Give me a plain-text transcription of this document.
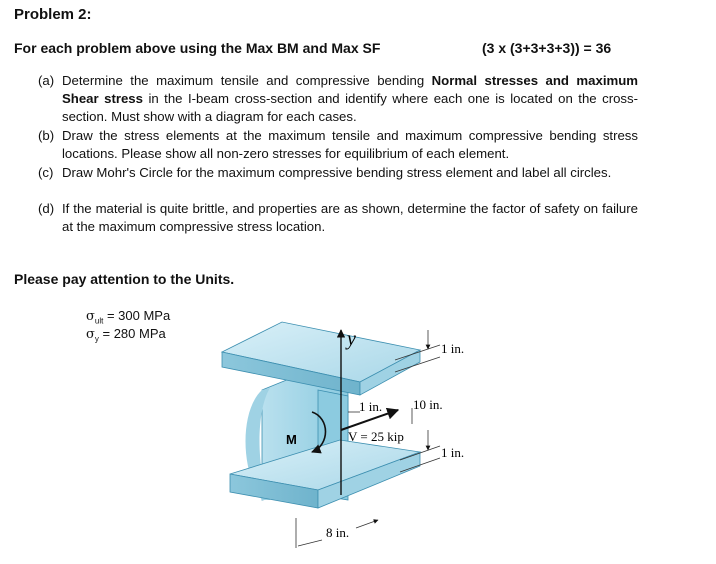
Problem 2:
For each problem above using the Max BM and Max SF	(3 x (3+3+3+3)) = 36
(a) Determine the maximum tensile and compressive bending Normal stresses and maximum Shear stress in the I-beam cross-section and identify where each one is located on the cross-section. Must show with a diagram for each cases.
(b) Draw the stress elements at the maximum tensile and maximum compressive bending stress locations. Please show all non-zero stresses for equilibrium of each element.
(c) Draw Mohr's Circle for the maximum compressive bending stress element and label all circles.
(d) If the material is quite brittle, and properties are as shown, determine the factor of safety on failure at the maximum compressive stress location.
Please pay attention to the Units.
$\sigma_{ult} = 300$ MPa
$\sigma_y = 280$ MPa	y
V = 25 kip
M
1 in.
1 in. 10 in.
1 in.
8 in.
